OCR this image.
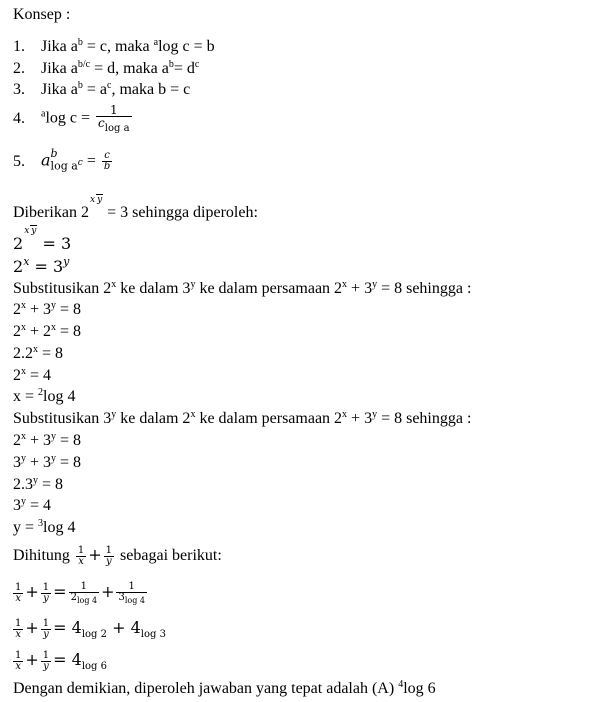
Konsep :
1. Jika $a^b = c$, maka $^a$log c = b
2. Jika $a^{b/c} = d$, maka $a^b= d^c$
3. Jika $a^b = a^c$, maka b = c
4. $^a$log $c = \frac{1}{c_{log a}}$
5. a b
$\log a^c = \frac{c}{b}$
Diberikan 2x y = 3 sehingga diperoleh:
2x y = 3
$2^x = 3^y$
Substitusikan 2$^x$ ke dalam 3$^y$ ke dalam persamaan $2^x + 3^y = 8$ sehingga :
$2^x + 3^y = 8$
$2^x + 2^x = 8$
$2.2^x = 8$
$2^x = 4$
x = $^2$log 4
Substitusikan 3$^y$ ke dalam 2$^x$ ke dalam persamaan $2^x + 3^y = 8$ sehingga :
$2^x + 3^y = 8$
$3^y + 3^y = 8$
$2.3^y = 8$
$3^y = 4$
y = $^3$log 4
Dihitung $\frac{1}{x} + \frac{1}{y}$ sebagai berikut:
$\frac{1}{x} + \frac{1}{y} = \frac{1}{2_{log 4}} + \frac{1}{3_{log 4}}$
$\frac{1}{x} + \frac{1}{y} = 4_{log 2} + 4_{log 3}$
$\frac{1}{x} + \frac{1}{y} = 4_{log 6}$
Dengan demikian, diperoleh jawaban yang tepat adalah (A) $^4$log 6
